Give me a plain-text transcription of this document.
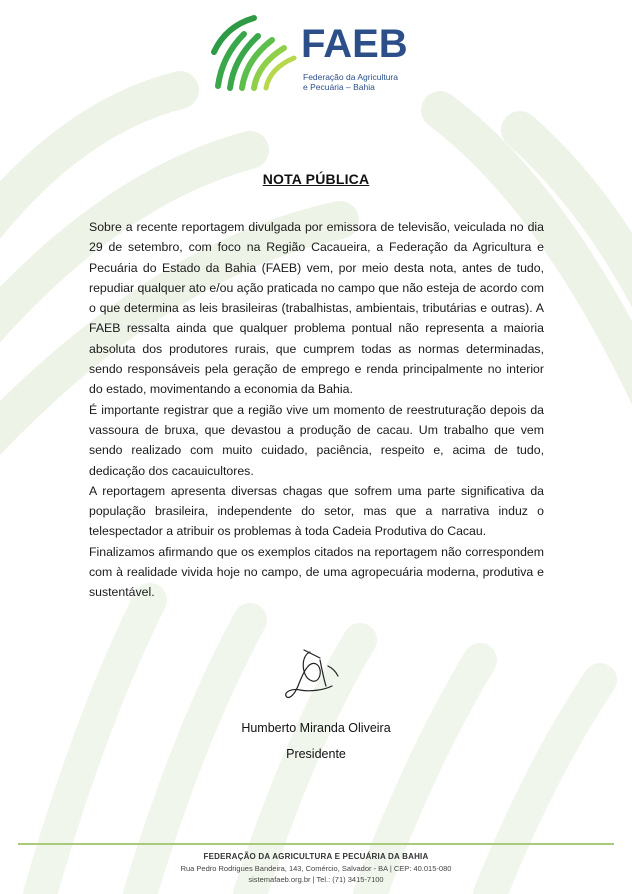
FAEB
Federação da Agricultura
e Pecuária – Bahia
NOTA PÚBLICA

Sobre a recente reportagem divulgada por emissora de televisão, veiculada no dia 29 de setembro, com foco na Região Cacaueira, a Federação da Agricultura e Pecuária do Estado da Bahia (FAEB) vem, por meio desta nota, antes de tudo, repudiar qualquer ato e/ou ação praticada no campo que não esteja de acordo com o que determina as leis brasileiras (trabalhistas, ambientais, tributárias e outras). A FAEB ressalta ainda que qualquer problema pontual não representa a maioria absoluta dos produtores rurais, que cumprem todas as normas determinadas, sendo responsáveis pela geração de emprego e renda principalmente no interior do estado, movimentando a economia da Bahia.

É importante registrar que a região vive um momento de reestruturação depois da vassoura de bruxa, que devastou a produção de cacau. Um trabalho que vem sendo realizado com muito cuidado, paciência, respeito e, acima de tudo, dedicação dos cacauicultores.

A reportagem apresenta diversas chagas que sofrem uma parte significativa da população brasileira, independente do setor, mas que a narrativa induz o telespectador a atribuir os problemas à toda Cadeia Produtiva do Cacau.

Finalizamos afirmando que os exemplos citados na reportagem não correspondem com à realidade vivida hoje no campo, de uma agropecuária moderna, produtiva e sustentável.

Humberto Miranda Oliveira
Presidente
FEDERAÇÃO DA AGRICULTURA E PECUÁRIA DA BAHIA
Rua Pedro Rodrigues Bandeira, 143, Comércio, Salvador - BA | CEP: 40.015-080
sistemafaeb.org.br | Tel.: (71) 3415-7100
